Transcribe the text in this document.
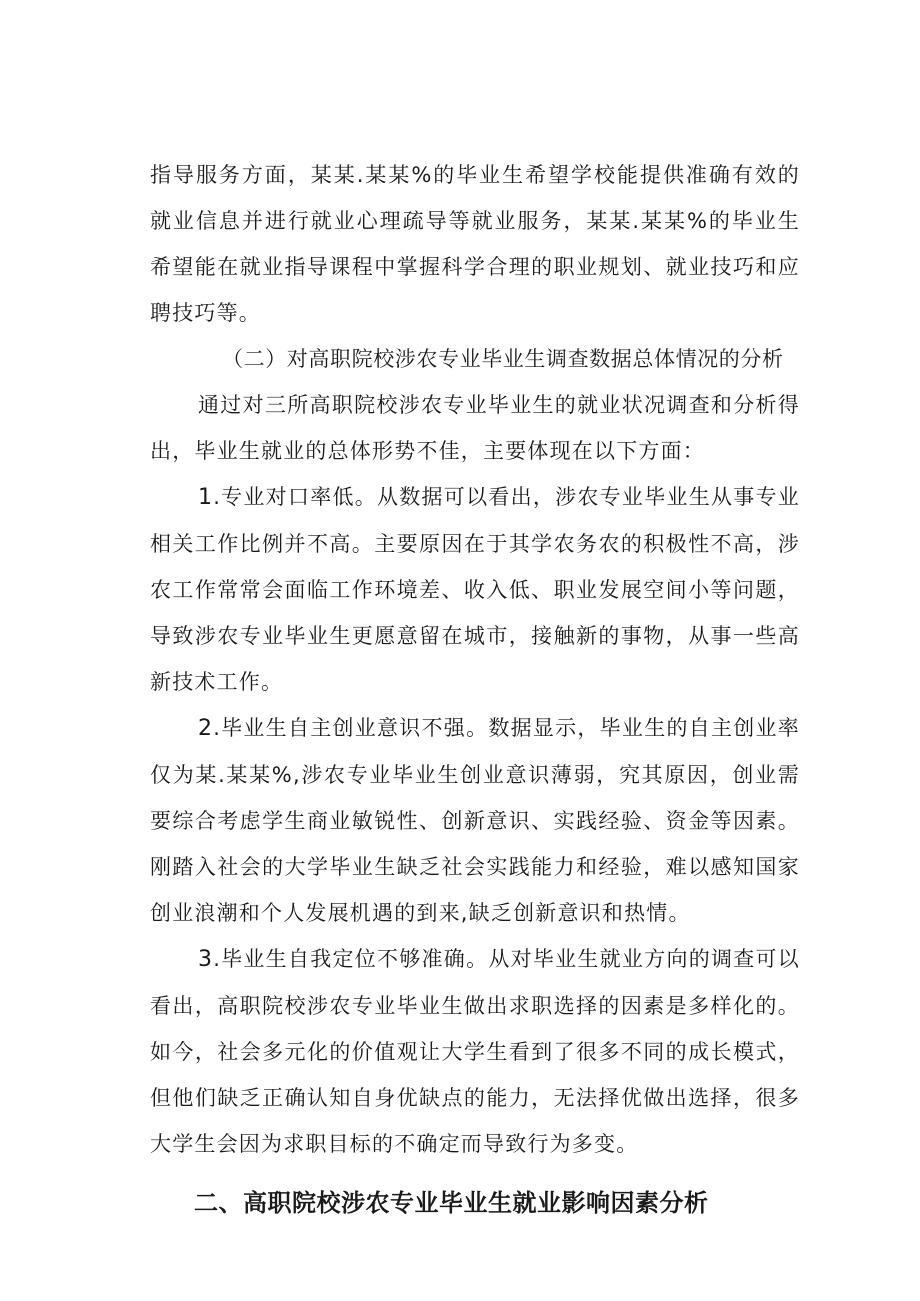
指导服务方面，某某.某某%的毕业生希望学校能提供准确有效的就业信息并进行就业心理疏导等就业服务，某某.某某%的毕业生希望能在就业指导课程中掌握科学合理的职业规划、就业技巧和应聘技巧等。

（二）对高职院校涉农专业毕业生调查数据总体情况的分析

通过对三所高职院校涉农专业毕业生的就业状况调查和分析得出，毕业生就业的总体形势不佳，主要体现在以下方面：

1.专业对口率低。从数据可以看出，涉农专业毕业生从事专业相关工作比例并不高。主要原因在于其学农务农的积极性不高，涉农工作常常会面临工作环境差、收入低、职业发展空间小等问题，导致涉农专业毕业生更愿意留在城市，接触新的事物，从事一些高新技术工作。

2.毕业生自主创业意识不强。数据显示，毕业生的自主创业率仅为某.某某%,涉农专业毕业生创业意识薄弱，究其原因，创业需要综合考虑学生商业敏锐性、创新意识、实践经验、资金等因素。刚踏入社会的大学毕业生缺乏社会实践能力和经验，难以感知国家创业浪潮和个人发展机遇的到来,缺乏创新意识和热情。

3.毕业生自我定位不够准确。从对毕业生就业方向的调查可以看出，高职院校涉农专业毕业生做出求职选择的因素是多样化的。如今，社会多元化的价值观让大学生看到了很多不同的成长模式，但他们缺乏正确认知自身优缺点的能力，无法择优做出选择，很多大学生会因为求职目标的不确定而导致行为多变。

二、高职院校涉农专业毕业生就业影响因素分析
